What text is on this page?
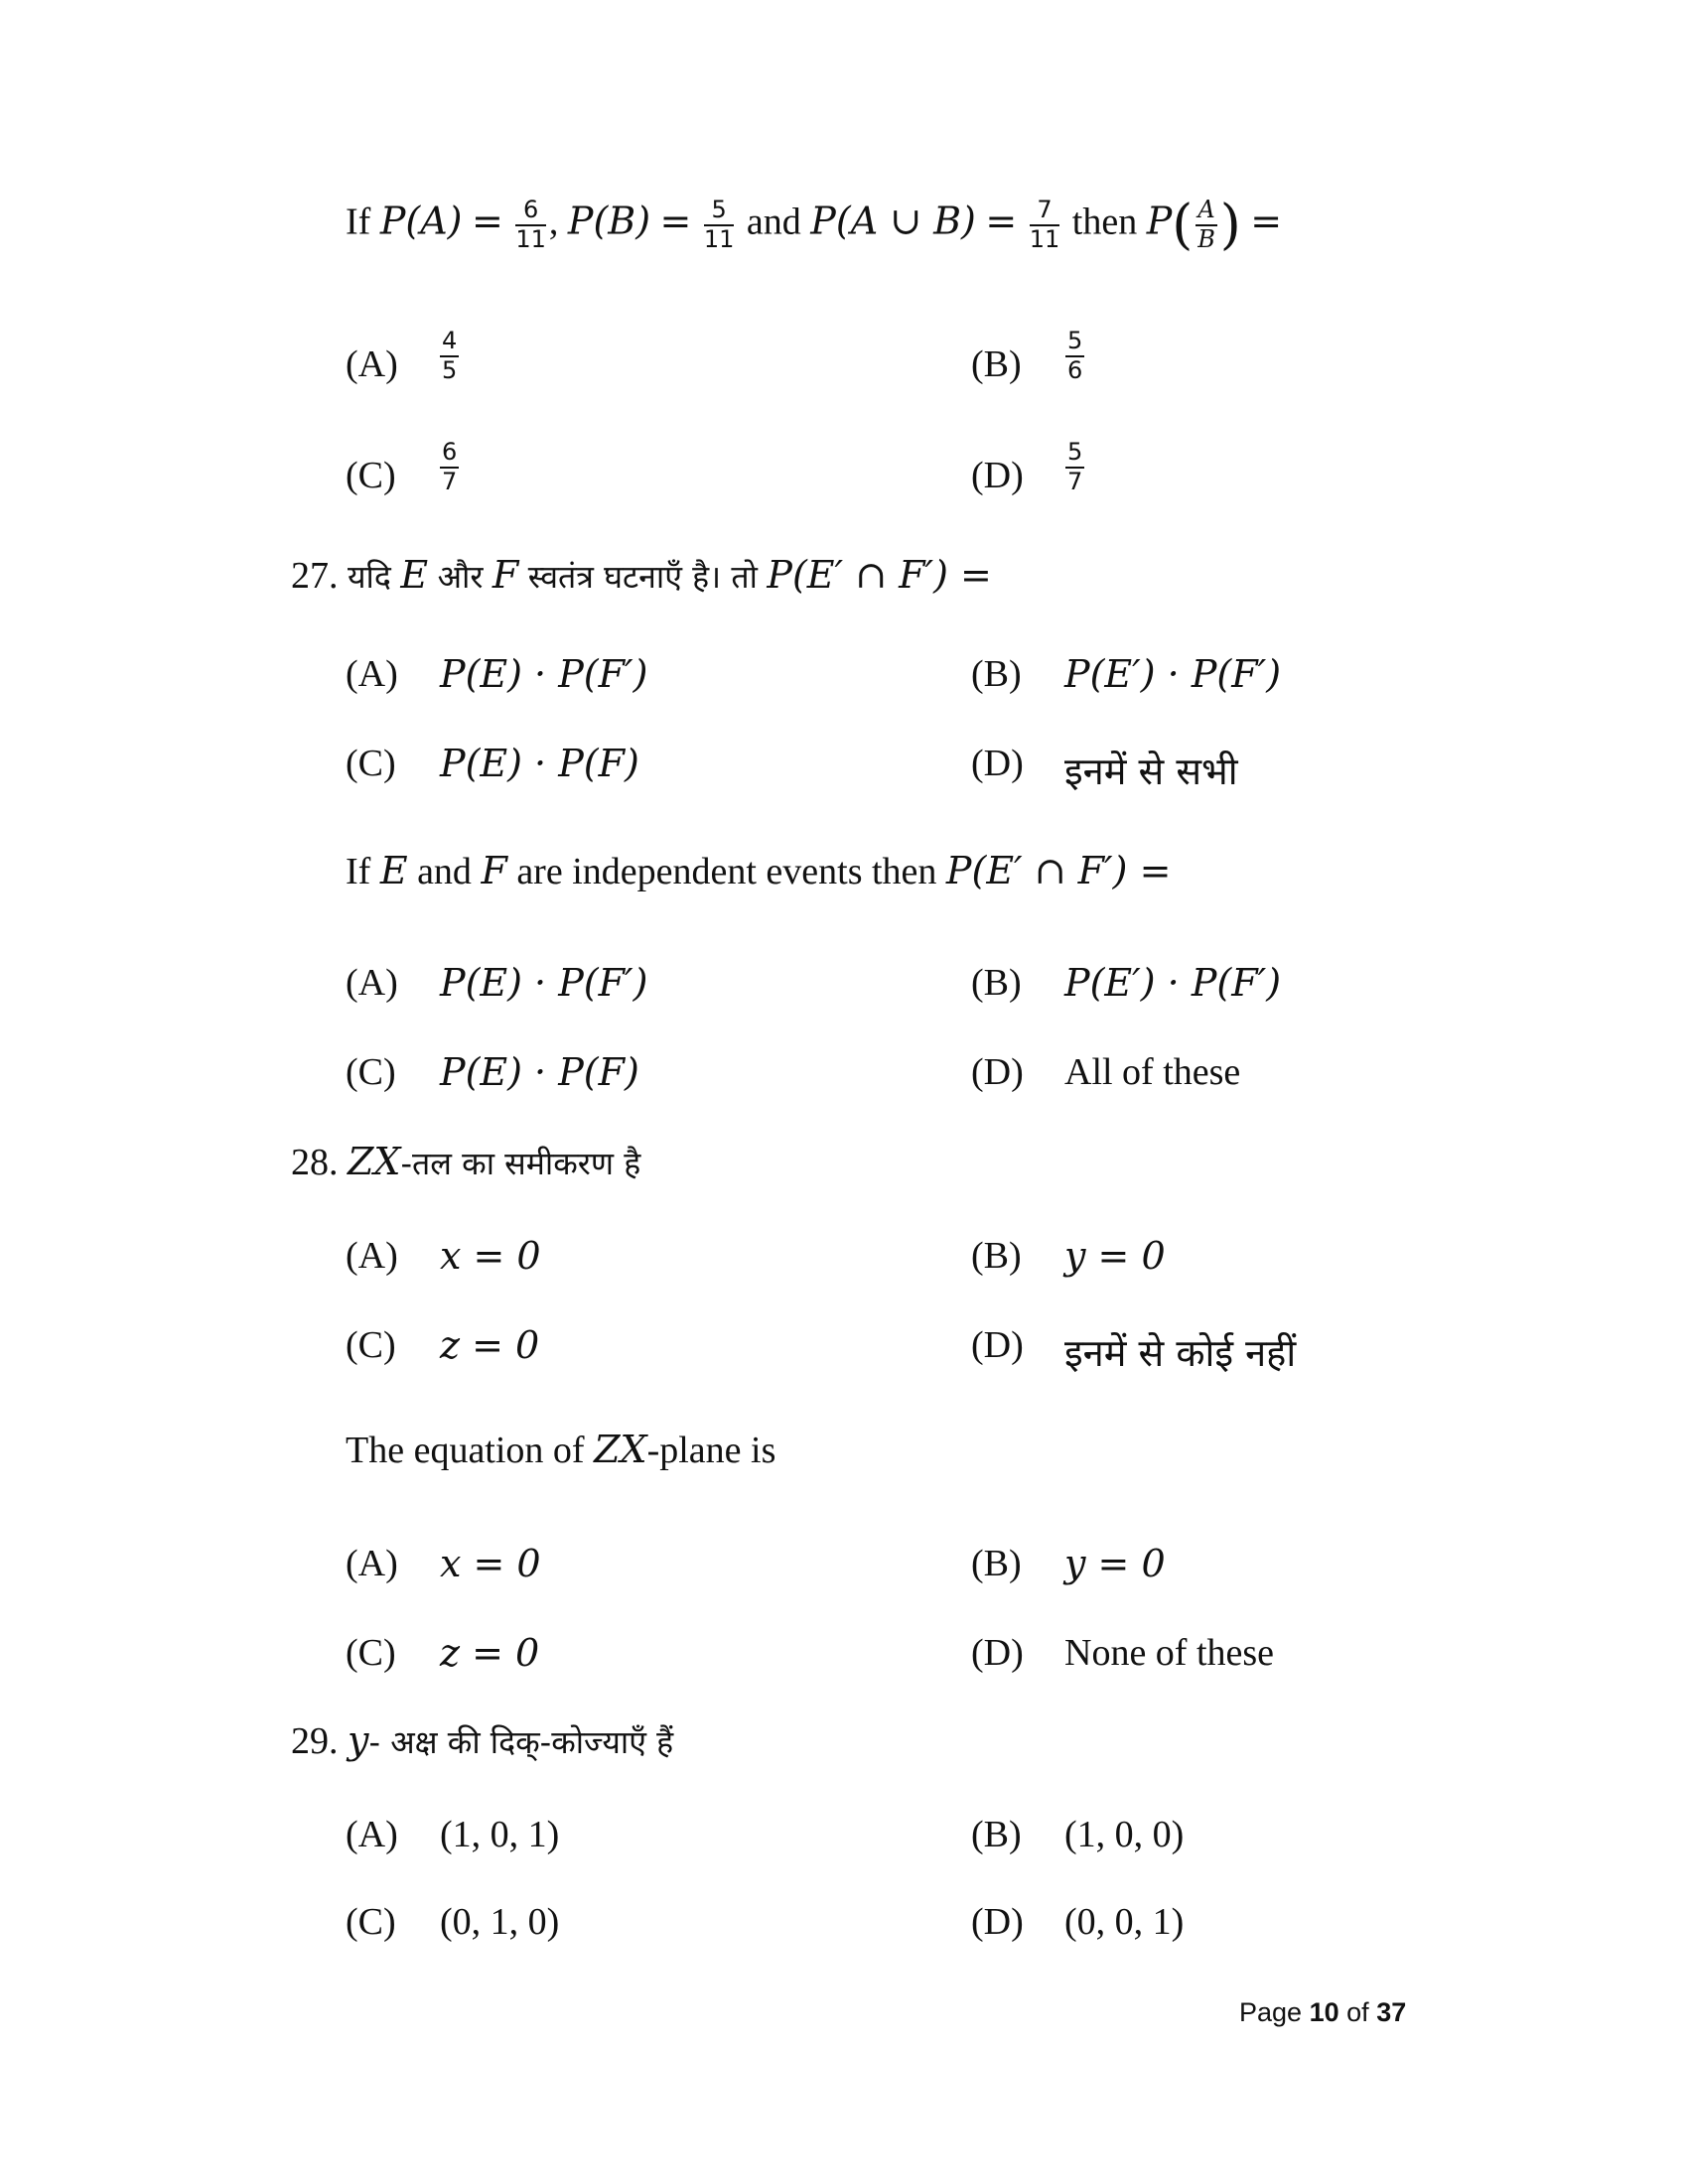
If $P(A) = \frac{6}{11}$ , $P(B) = \frac{5}{11}$ and P(A ∪ $B) = \frac{7}{11}$ then $P( \frac{A}{B}$ ) =
$(A) \frac{4}{5}$	$(B) \frac{5}{6}$
$(C) \frac{6}{7}$	$(D) \frac{5}{7}$
27. यदि E और F स्वतंत्र घटनाएँ है। तो P(E′ ∩ F′) =
(A) P(E) · P(F′)	(B) P(E′) · P(F′)
(C) P(E) · P(F)	(D) इनमें से सभी
If E and F are independent events then P(E′ ∩ F′) =
(A) P(E) · P(F′)	(B) P(E′) · P(F′)
(C) P(E) · P(F)	(D) All of these
28. ZX-तल का समीकरण है
(A) x = 0	(B) y = 0
(C) z = 0	(D) इनमें से कोई नहीं
The equation of ZX-plane is
(A) x = 0	(B) y = 0
(C) z = 0	(D) None of these
29. y- अक्ष की दिक्-कोज्याएँ हैं
(A) (1, 0, 1)	(B) (1, 0, 0)
(C) (0, 1, 0)	(D) (0, 0, 1)
Page 10 of 37
